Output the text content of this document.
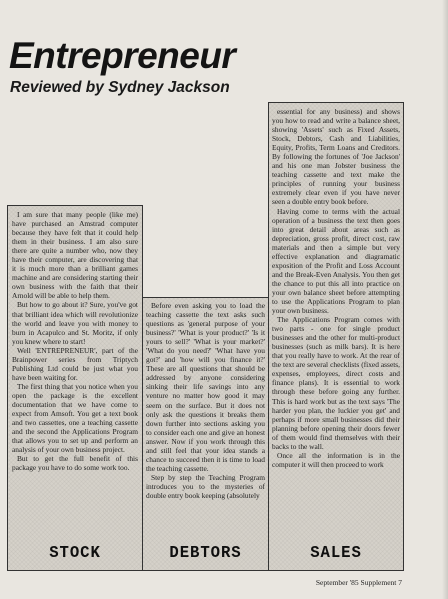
Entrepreneur
Reviewed by Sydney Jackson

I am sure that many people (like me) have purchased an Amstrad computer because they have felt that it could help them in their business. I am also sure there are quite a number who, now they have their computer, are discovering that it is much more than a brilliant games machine and are considering starting their own business with the faith that their Arnold will be able to help them.

But how to go about it? Sure, you've got that brilliant idea which will revolutionize the world and leave you with money to burn in Acapulco and St. Moritz, if only you knew where to start!

Well 'ENTREPRENEUR', part of the Brainpower series from Triptych Publishing Ltd could be just what you have been waiting for.

The first thing that you notice when you open the package is the excellent documentation that we have come to expect from Amsoft. You get a text book and two cassettes, one a teaching cassette and the second the Applications Program that allows you to set up and perform an analysis of your own business project.

But to get the full benefit of this package you have to do some work too.

Before even asking you to load the teaching cassette the text asks such questions as 'general purpose of your business?' 'What is your product?' 'Is it yours to sell?' 'What is your market?' 'What do you need?' 'What have you got?' and 'how will you finance it?' These are all questions that should be addressed by anyone considering sinking their life savings into any venture no matter how good it may seem on the surface. But it does not only ask the questions it breaks them down further into sections asking you to consider each one and give an honest answer. Now if you work through this and still feel that your idea stands a chance to succeed then it is time to load the teaching cassette.

Step by step the Teaching Program introduces you to the mysteries of double entry book keeping (absolutely

essential for any business) and shows you how to read and write a balance sheet, showing 'Assets' such as Fixed Assets, Stock, Debtors, Cash and Liabilities, Equity, Profits, Term Loans and Creditors. By following the fortunes of 'Joe Jackson' and his one man Jobster business the teaching cassette and text make the principles of running your business extremely clear even if you have never seen a double entry book before.

Having come to terms with the actual operation of a business the text then goes into great detail about areas such as depreciation, gross profit, direct cost, raw materials and then a simple but very effective explanation and diagramatic exposition of the Profit and Loss Account and the Break-Even Analysis. You then get the chance to put this all into practice on your own balance sheet before attempting to use the Applications Program to plan your own business.

The Applications Program comes with two parts - one for single product businesses and the other for multi-product businesses (such as milk bars). It is here that you really have to work. At the rear of the text are several checklists (fixed assets, expenses, employees, direct costs and finance plans). It is essential to work through these before going any further. This is hard work but as the text says 'The harder you plan, the luckier you get' and perhaps if more small businesses did their planning before opening their doors fewer of them would find themselves with their backs to the wall.

Once all the information is in the computer it will then proceed to work

STOCK	DEBTORS	SALES
September '85 Supplement 7
